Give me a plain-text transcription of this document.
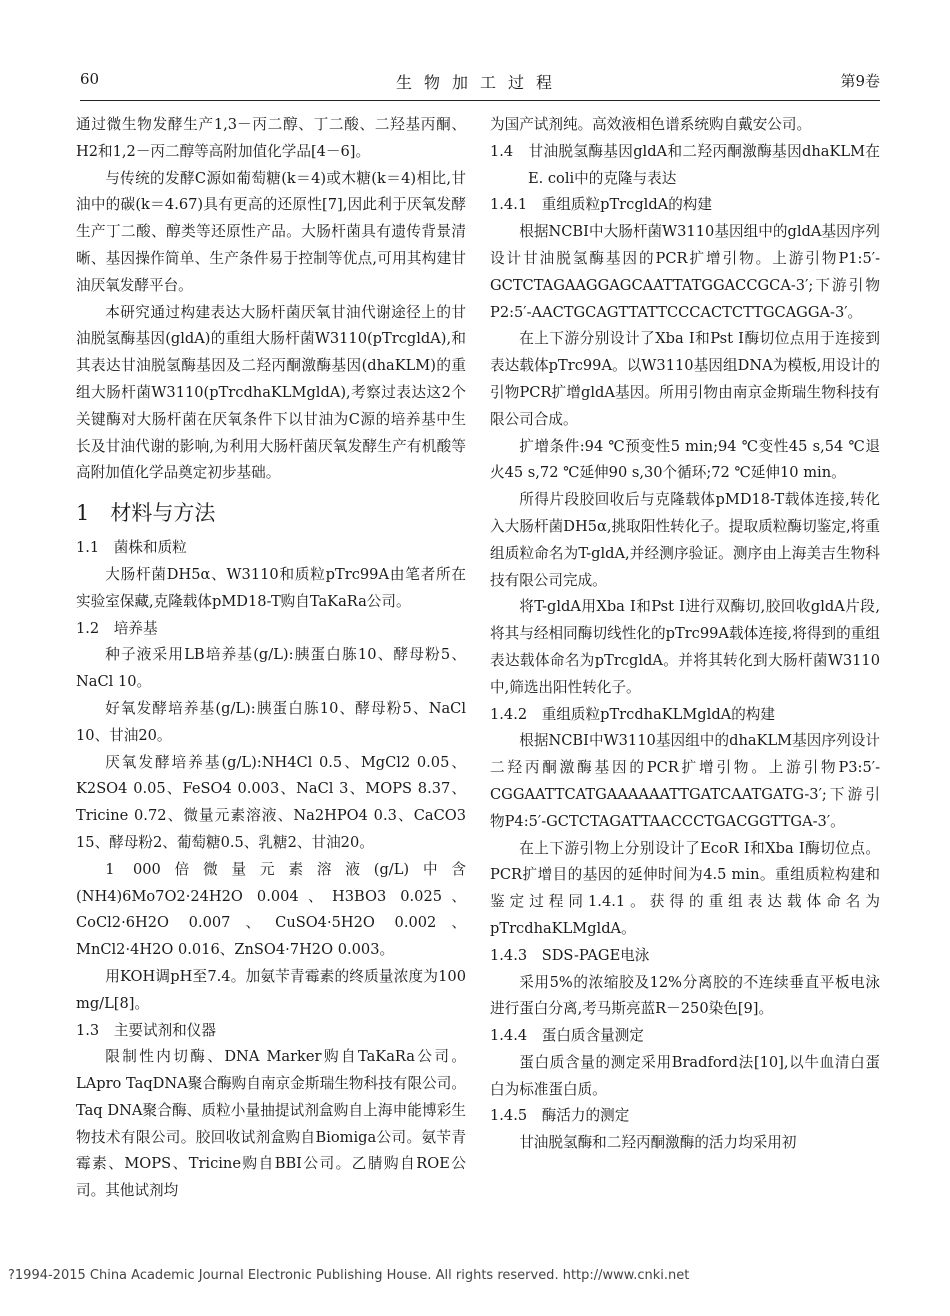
60	生物加工过程	第9卷

通过微生物发酵生产1,3－丙二醇、丁二酸、二羟基丙酮、H2和1,2－丙二醇等高附加值化学品[4－6]。

与传统的发酵C源如葡萄糖(k＝4)或木糖(k＝4)相比,甘油中的碳(k＝4.67)具有更高的还原性[7],因此利于厌氧发酵生产丁二酸、醇类等还原性产品。大肠杆菌具有遗传背景清晰、基因操作简单、生产条件易于控制等优点,可用其构建甘油厌氧发酵平台。

本研究通过构建表达大肠杆菌厌氧甘油代谢途径上的甘油脱氢酶基因(gldA)的重组大肠杆菌W3110(pTrcgldA),和其表达甘油脱氢酶基因及二羟丙酮激酶基因(dhaKLM)的重组大肠杆菌W3110(pTrcdhaKLMgldA),考察过表达这2个关键酶对大肠杆菌在厌氧条件下以甘油为C源的培养基中生长及甘油代谢的影响,为利用大肠杆菌厌氧发酵生产有机酸等高附加值化学品奠定初步基础。

1　材料与方法

1.1　菌株和质粒

大肠杆菌DH5α、W3110和质粒pTrc99A由笔者所在实验室保藏,克隆载体pMD18-T购自TaKaRa公司。

1.2　培养基

种子液采用LB培养基(g/L):胰蛋白胨10、酵母粉5、NaCl 10。

好氧发酵培养基(g/L):胰蛋白胨10、酵母粉5、NaCl 10、甘油20。

厌氧发酵培养基(g/L):NH4Cl 0.5、MgCl2 0.05、K2SO4 0.05、FeSO4 0.003、NaCl 3、MOPS 8.37、Tricine 0.72、微量元素溶液、Na2HPO4 0.3、CaCO3 15、酵母粉2、葡萄糖0.5、乳糖2、甘油20。

1 000倍微量元素溶液(g/L)中含(NH4)6Mo7O2·24H2O 0.004、H3BO3 0.025、CoCl2·6H2O 0.007、CuSO4·5H2O 0.002、MnCl2·4H2O 0.016、ZnSO4·7H2O 0.003。

用KOH调pH至7.4。加氨苄青霉素的终质量浓度为100 mg/L[8]。

1.3　主要试剂和仪器

限制性内切酶、DNA Marker购自TaKaRa公司。LApro TaqDNA聚合酶购自南京金斯瑞生物科技有限公司。Taq DNA聚合酶、质粒小量抽提试剂盒购自上海申能博彩生物技术有限公司。胶回收试剂盒购自Biomiga公司。氨苄青霉素、MOPS、Tricine购自BBI公司。乙腈购自ROE公司。其他试剂均

为国产试剂纯。高效液相色谱系统购自戴安公司。

1.4　甘油脱氢酶基因gldA和二羟丙酮激酶基因dhaKLM在E. coli中的克隆与表达

1.4.1　重组质粒pTrcgldA的构建

根据NCBI中大肠杆菌W3110基因组中的gldA基因序列设计甘油脱氢酶基因的PCR扩增引物。上游引物P1:5′-GCTCTAGAAGGAGCAATTATGGACCGCA-3′;下游引物P2:5′-AACTGCAGTTATTCCCACTCTTGCAGGA-3′。

在上下游分别设计了Xba I和Pst I酶切位点用于连接到表达载体pTrc99A。以W3110基因组DNA为模板,用设计的引物PCR扩增gldA基因。所用引物由南京金斯瑞生物科技有限公司合成。

扩增条件:94 ℃预变性5 min;94 ℃变性45 s,54 ℃退火45 s,72 ℃延伸90 s,30个循环;72 ℃延伸10 min。

所得片段胶回收后与克隆载体pMD18-T载体连接,转化入大肠杆菌DH5α,挑取阳性转化子。提取质粒酶切鉴定,将重组质粒命名为T-gldA,并经测序验证。测序由上海美吉生物科技有限公司完成。

将T-gldA用Xba I和Pst I进行双酶切,胶回收gldA片段,将其与经相同酶切线性化的pTrc99A载体连接,将得到的重组表达载体命名为pTrcgldA。并将其转化到大肠杆菌W3110中,筛选出阳性转化子。

1.4.2　重组质粒pTrcdhaKLMgldA的构建

根据NCBI中W3110基因组中的dhaKLM基因序列设计二羟丙酮激酶基因的PCR扩增引物。上游引物P3:5′-CGGAATTCATGAAAAAATTGATCAATGATG-3′;下游引物P4:5′-GCTCTAGATTAACCCTGACGGTTGA-3′。

在上下游引物上分别设计了EcoR I和Xba I酶切位点。PCR扩增目的基因的延伸时间为4.5 min。重组质粒构建和鉴定过程同1.4.1。获得的重组表达载体命名为pTrcdhaKLMgldA。

1.4.3　SDS-PAGE电泳

采用5%的浓缩胶及12%分离胶的不连续垂直平板电泳进行蛋白分离,考马斯亮蓝R－250染色[9]。

1.4.4　蛋白质含量测定

蛋白质含量的测定采用Bradford法[10],以牛血清白蛋白为标准蛋白质。

1.4.5　酶活力的测定

甘油脱氢酶和二羟丙酮激酶的活力均采用初

?1994-2015 China Academic Journal Electronic Publishing House. All rights reserved. http://www.cnki.net
